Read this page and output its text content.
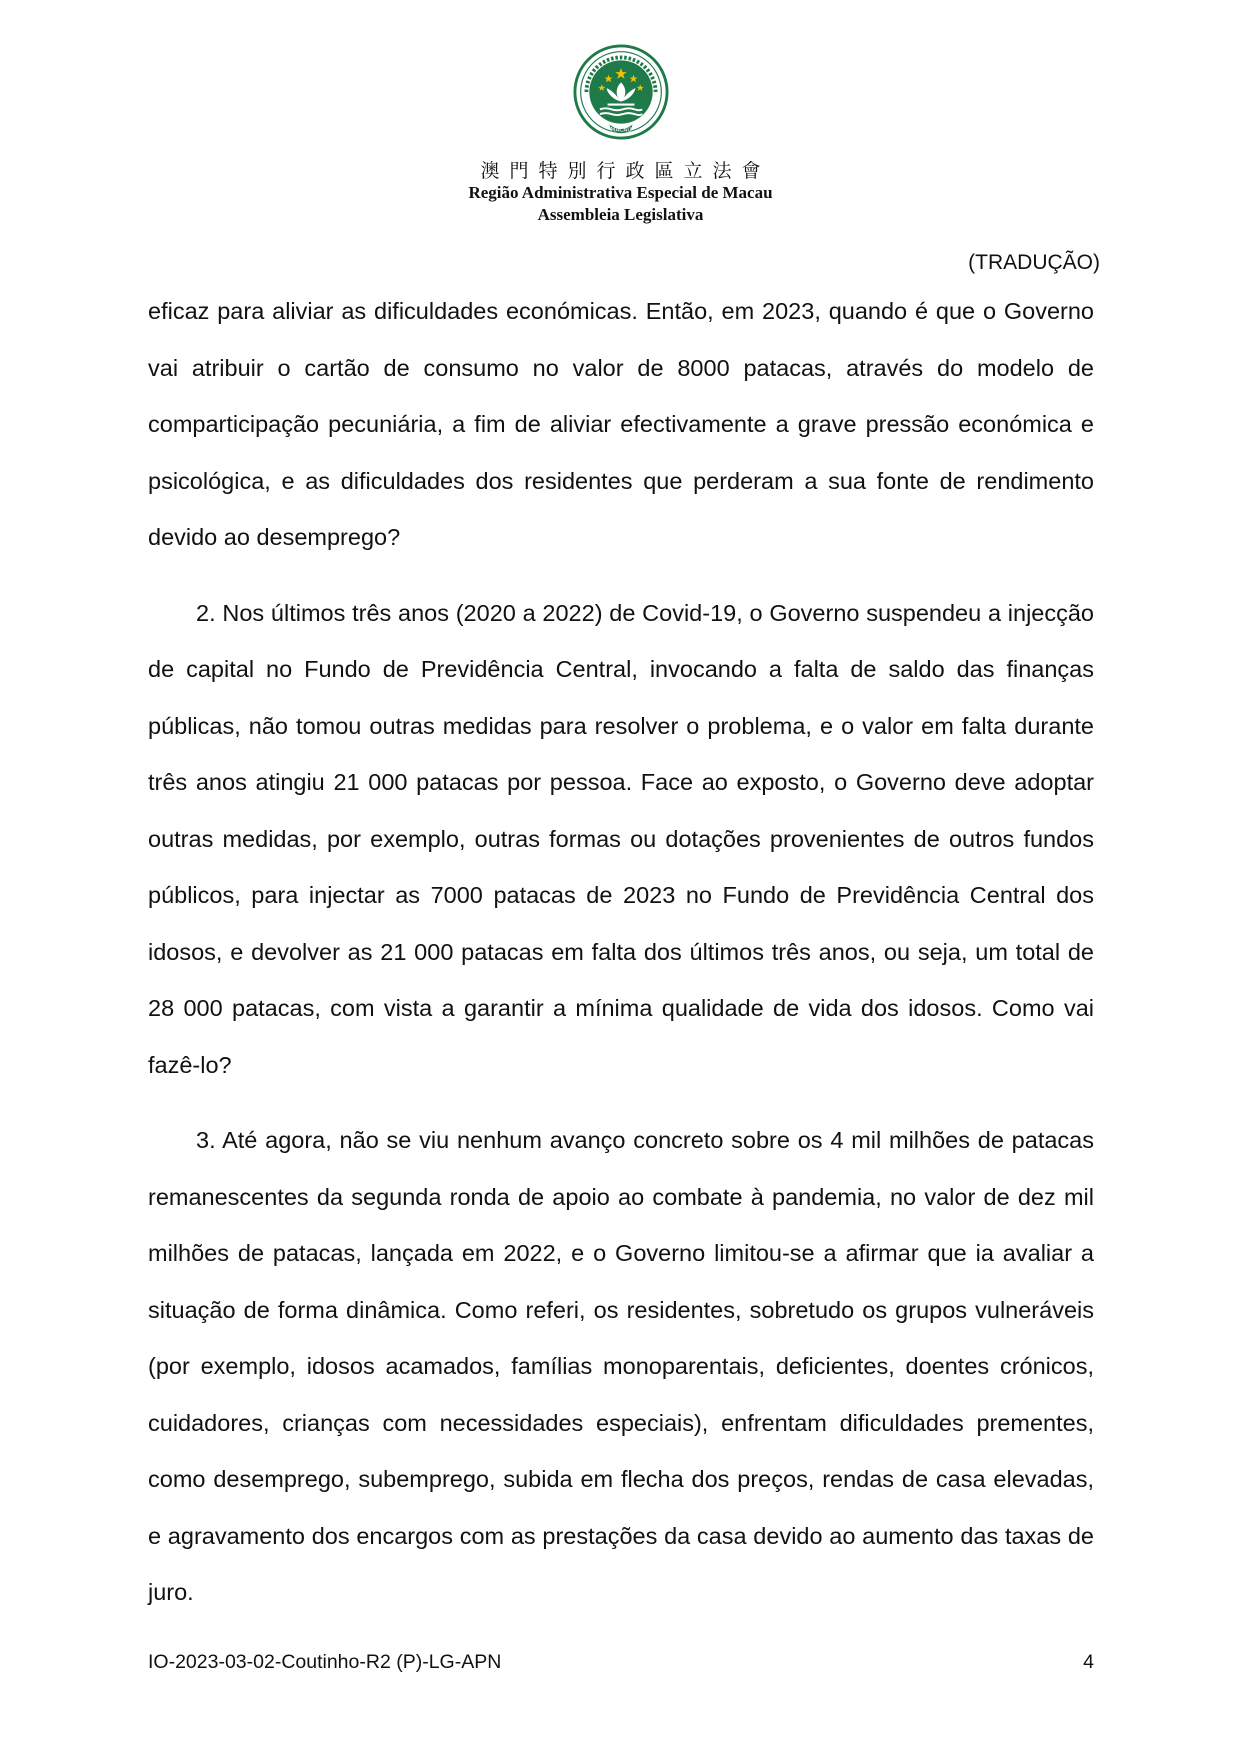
MACAU
澳門特別行政區立法會
Região Administrativa Especial de Macau
Assembleia Legislativa
(TRADUÇÃO)

eficaz para aliviar as dificuldades económicas. Então, em 2023, quando é que o Governo vai atribuir o cartão de consumo no valor de 8000 patacas, através do modelo de comparticipação pecuniária, a fim de aliviar efectivamente a grave pressão económica e psicológica, e as dificuldades dos residentes que perderam a sua fonte de rendimento devido ao desemprego?

2. Nos últimos três anos (2020 a 2022) de Covid-19, o Governo suspendeu a injecção de capital no Fundo de Previdência Central, invocando a falta de saldo das finanças públicas, não tomou outras medidas para resolver o problema, e o valor em falta durante três anos atingiu 21 000 patacas por pessoa. Face ao exposto, o Governo deve adoptar outras medidas, por exemplo, outras formas ou dotações provenientes de outros fundos públicos, para injectar as 7000 patacas de 2023 no Fundo de Previdência Central dos idosos, e devolver as 21 000 patacas em falta dos últimos três anos, ou seja, um total de 28 000 patacas, com vista a garantir a mínima qualidade de vida dos idosos. Como vai fazê-lo?

3. Até agora, não se viu nenhum avanço concreto sobre os 4 mil milhões de patacas remanescentes da segunda ronda de apoio ao combate à pandemia, no valor de dez mil milhões de patacas, lançada em 2022, e o Governo limitou-se a afirmar que ia avaliar a situação de forma dinâmica. Como referi, os residentes, sobretudo os grupos vulneráveis (por exemplo, idosos acamados, famílias monoparentais, deficientes, doentes crónicos, cuidadores, crianças com necessidades especiais), enfrentam dificuldades prementes, como desemprego, subemprego, subida em flecha dos preços, rendas de casa elevadas, e agravamento dos encargos com as prestações da casa devido ao aumento das taxas de juro.

IO-2023-03-02-Coutinho-R2 (P)-LG-APN	4
